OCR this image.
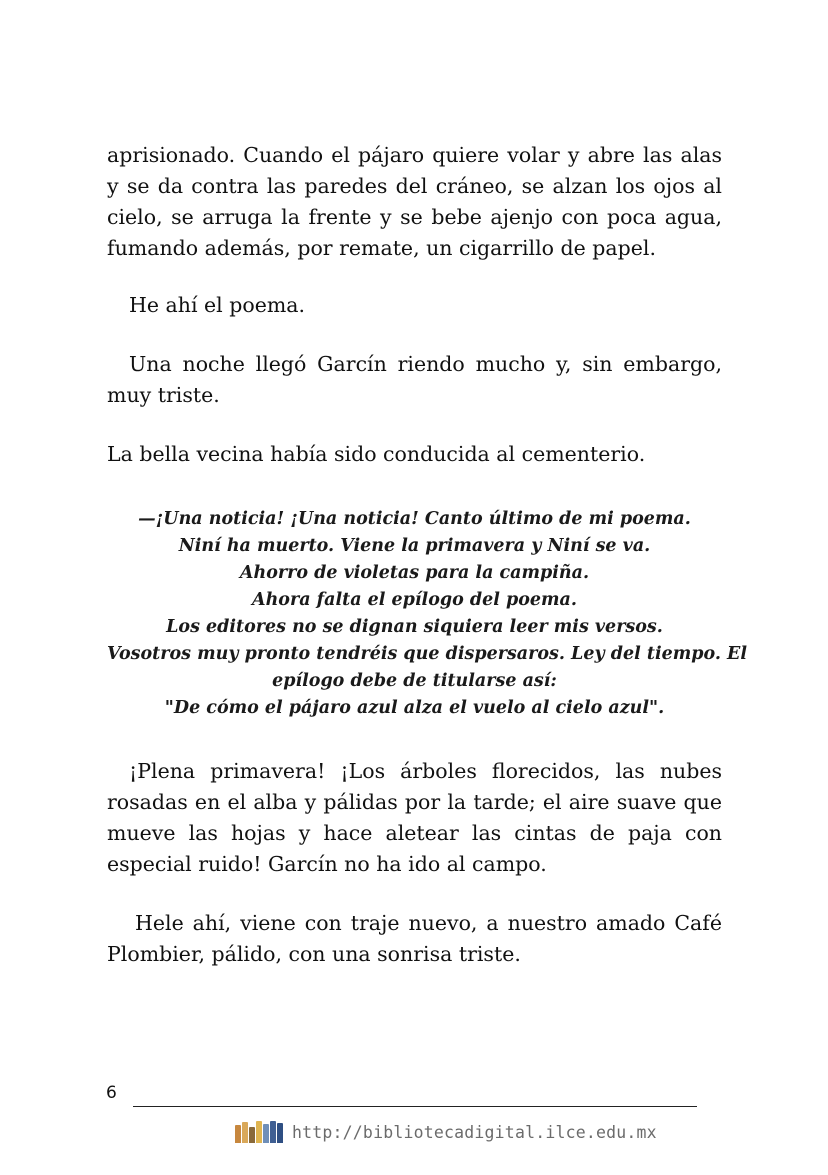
aprisionado. Cuando el pájaro quiere volar y abre las alas y se da contra las paredes del cráneo, se alzan los ojos al cielo, se arruga la frente y se bebe ajenjo con poca agua, fumando además, por remate, un cigarrillo de papel.

He ahí el poema.

Una noche llegó Garcín riendo mucho y, sin embargo, muy triste.

La bella vecina había sido conducida al cementerio.

—¡Una noticia! ¡Una noticia! Canto último de mi poema.
Niní ha muerto. Viene la primavera y Niní se va.
Ahorro de violetas para la campiña.
Ahora falta el epílogo del poema.
Los editores no se dignan siquiera leer mis versos.
Vosotros muy pronto tendréis que dispersaros. Ley del tiempo. El
epílogo debe de titularse así:
"De cómo el pájaro azul alza el vuelo al cielo azul".

¡Plena primavera! ¡Los árboles florecidos, las nubes rosadas en el alba y pálidas por la tarde; el aire suave que mueve las hojas y hace aletear las cintas de paja con especial ruido! Garcín no ha ido al campo.

Hele ahí, viene con traje nuevo, a nuestro amado Café Plombier, pálido, con una sonrisa triste.

6
http://bibliotecadigital.ilce.edu.mx
